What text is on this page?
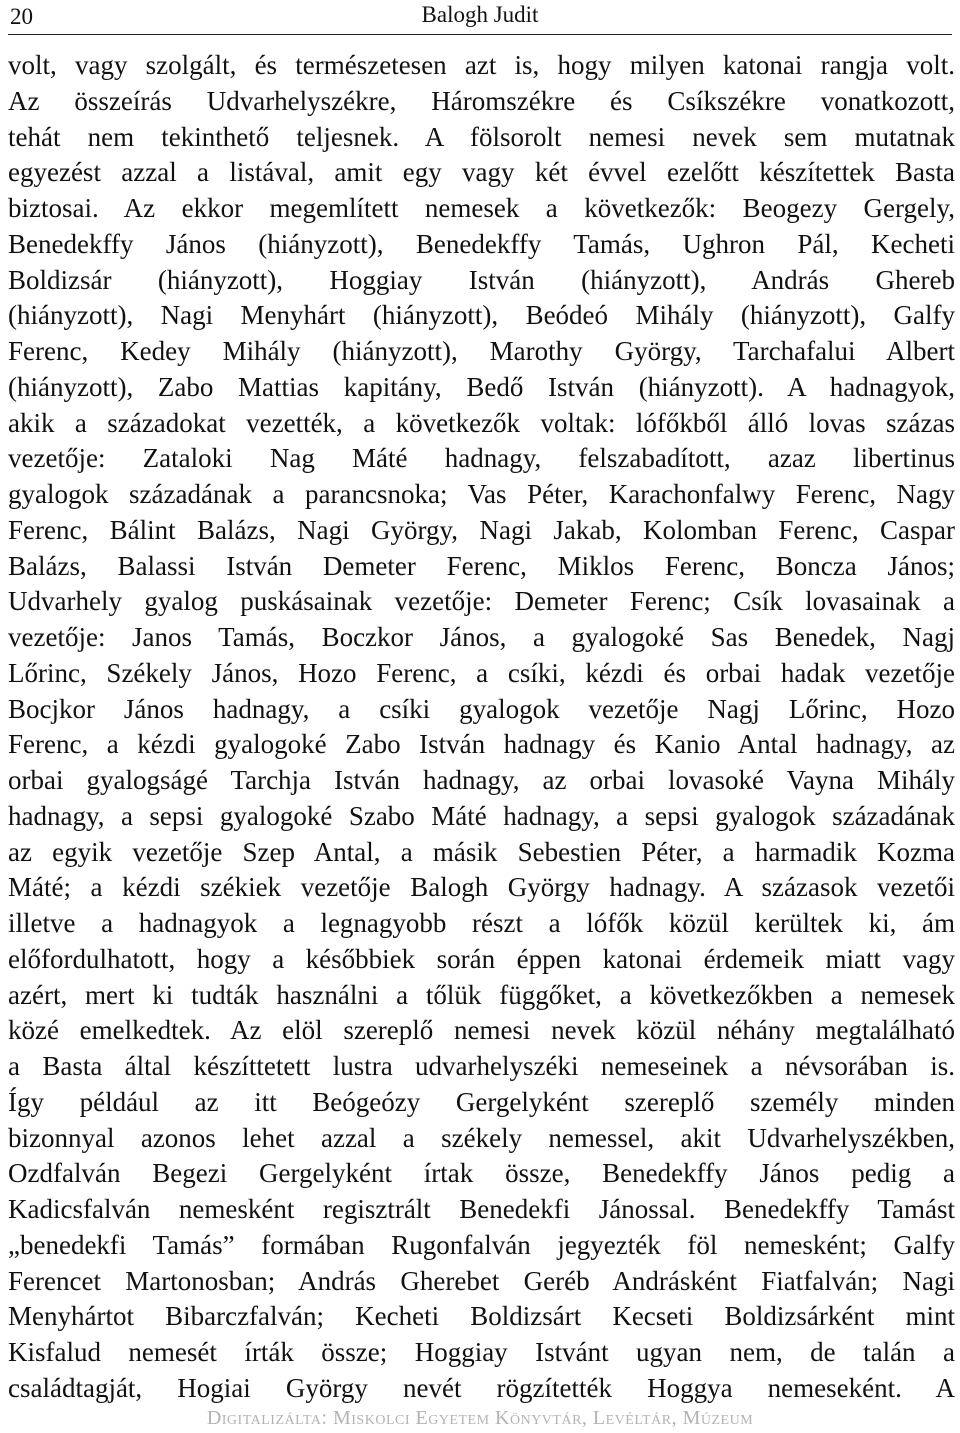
20	Balogh Judit
volt, vagy szolgált, és természetesen azt is, hogy milyen katonai rangja volt.
Az összeírás Udvarhelyszékre, Háromszékre és Csíkszékre vonatkozott,
tehát nem tekinthető teljesnek. A fölsorolt nemesi nevek sem mutatnak
egyezést azzal a listával, amit egy vagy két évvel ezelőtt készítettek Basta
biztosai. Az ekkor megemlített nemesek a következők: Beogezy Gergely,
Benedekffy János (hiányzott), Benedekffy Tamás, Ughron Pál, Kecheti
Boldizsár (hiányzott), Hoggiay István (hiányzott), András Ghereb
(hiányzott), Nagi Menyhárt (hiányzott), Beódeó Mihály (hiányzott), Galfy
Ferenc, Kedey Mihály (hiányzott), Marothy György, Tarchafalui Albert
(hiányzott), Zabo Mattias kapitány, Bedő István (hiányzott). A hadnagyok,
akik a századokat vezették, a következők voltak: lófőkből álló lovas százas
vezetője: Zataloki Nag Máté hadnagy, felszabadított, azaz libertinus
gyalogok századának a parancsnoka; Vas Péter, Karachonfalwy Ferenc, Nagy
Ferenc, Bálint Balázs, Nagi György, Nagi Jakab, Kolomban Ferenc, Caspar
Balázs, Balassi István Demeter Ferenc, Miklos Ferenc, Boncza János;
Udvarhely gyalog puskásainak vezetője: Demeter Ferenc; Csík lovasainak a
vezetője: Janos Tamás, Boczkor János, a gyalogoké Sas Benedek, Nagj
Lőrinc, Székely János, Hozo Ferenc, a csíki, kézdi és orbai hadak vezetője
Bocjkor János hadnagy, a csíki gyalogok vezetője Nagj Lőrinc, Hozo
Ferenc, a kézdi gyalogoké Zabo István hadnagy és Kanio Antal hadnagy, az
orbai gyalogságé Tarchja István hadnagy, az orbai lovasoké Vayna Mihály
hadnagy, a sepsi gyalogoké Szabo Máté hadnagy, a sepsi gyalogok századának
az egyik vezetője Szep Antal, a másik Sebestien Péter, a harmadik Kozma
Máté; a kézdi székiek vezetője Balogh György hadnagy. A százasok vezetői
illetve a hadnagyok a legnagyobb részt a lófők közül kerültek ki, ám
előfordulhatott, hogy a későbbiek során éppen katonai érdemeik miatt vagy
azért, mert ki tudták használni a tőlük függőket, a következőkben a nemesek
közé emelkedtek. Az elöl szereplő nemesi nevek közül néhány megtalálható
a Basta által készíttetett lustra udvarhelyszéki nemeseinek a névsorában is.
Így például az itt Beógeózy Gergelyként szereplő személy minden
bizonnyal azonos lehet azzal a székely nemessel, akit Udvarhelyszékben,
Ozdfalván Begezi Gergelyként írtak össze, Benedekffy János pedig a
Kadicsfalván nemesként regisztrált Benedekfi Jánossal. Benedekffy Tamást
„benedekfi Tamás” formában Rugonfalván jegyezték föl nemesként; Galfy
Ferencet Martonosban; András Gherebet Geréb Andrásként Fiatfalván; Nagi
Menyhártot Bibarczfalván; Kecheti Boldizsárt Kecseti Boldizsárként mint
Kisfalud nemesét írták össze; Hoggiay Istvánt ugyan nem, de talán a
családtagját, Hogiai György nevét rögzítették Hoggya nemeseként. A
Digitalizálta: Miskolci Egyetem Könyvtár, Levéltár, Múzeum
